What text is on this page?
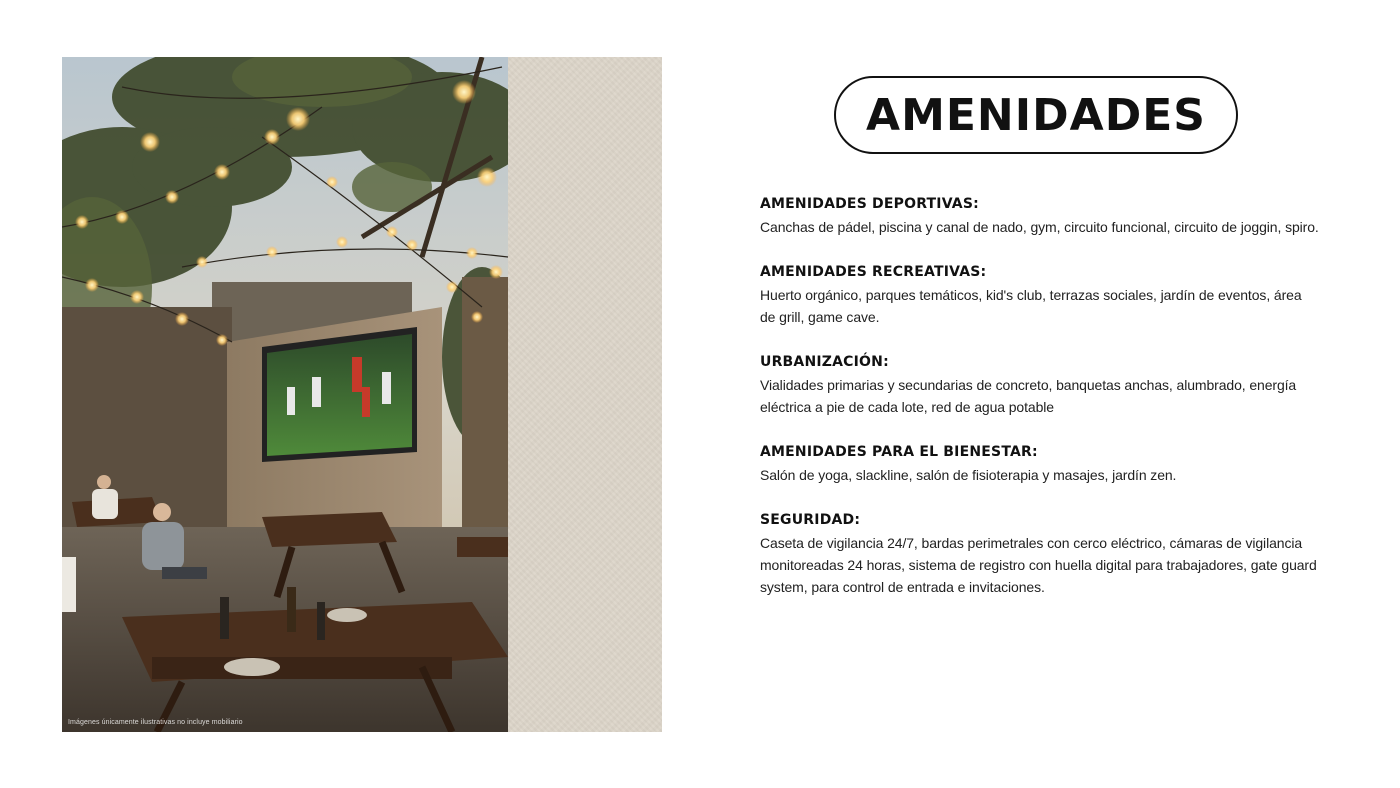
Imágenes únicamente ilustrativas no incluye mobiliario
AMENIDADES

AMENIDADES DEPORTIVAS:

Canchas de pádel, piscina y canal de nado, gym, circuito funcional, circuito de joggin, spiro.

AMENIDADES RECREATIVAS:

Huerto orgánico, parques temáticos, kid's club, terrazas sociales, jardín de eventos, área de grill, game cave.

URBANIZACIÓN:

Vialidades primarias y secundarias de concreto, banquetas anchas, alumbrado, energía eléctrica a pie de cada lote, red de agua potable

AMENIDADES PARA EL BIENESTAR:

Salón de yoga, slackline, salón de fisioterapia y masajes, jardín zen.

SEGURIDAD:

Caseta de vigilancia 24/7, bardas perimetrales con cerco eléctrico, cámaras de vigilancia monitoreadas 24 horas, sistema de registro con huella digital para trabajadores, gate guard system, para control de entrada e invitaciones.
